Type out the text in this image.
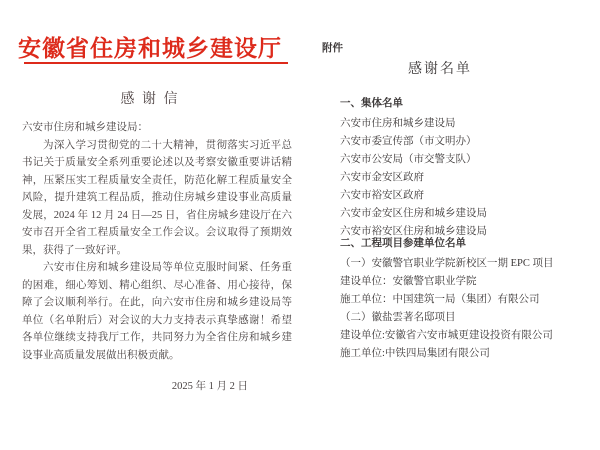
安徽省住房和城乡建设厅
感 谢 信

六安市住房和城乡建设局：

为深入学习贯彻党的二十大精神，贯彻落实习近平总书记关于质量安全系列重要论述以及考察安徽重要讲话精神，压紧压实工程质量安全责任，防范化解工程质量安全风险，提升建筑工程品质，推动住房城乡建设事业高质量发展，2024 年 12 月 24 日—25 日，省住房城乡建设厅在六安市召开全省工程质量安全工作会议。会议取得了预期效果，获得了一致好评。

六安市住房和城乡建设局等单位克服时间紧、任务重的困难，细心筹划、精心组织、尽心准备、用心接待，保障了会议顺利举行。在此，向六安市住房和城乡建设局等单位（名单附后）对会议的大力支持表示真挚感谢！希望各单位继续支持我厅工作，共同努力为全省住房和城乡建设事业高质量发展做出积极贡献。

2025 年 1 月 2 日
附件
感谢名单
一、集体名单
六安市住房和城乡建设局
六安市委宣传部（市文明办）
六安市公安局（市交警支队）
六安市金安区政府
六安市裕安区政府
六安市金安区住房和城乡建设局
六安市裕安区住房和城乡建设局
二、工程项目参建单位名单
（一）安徽警官职业学院新校区一期 EPC 项目
建设单位：安徽警官职业学院
施工单位：中国建筑一局（集团）有限公司
（二）徽盐雲著名邸项目
建设单位:安徽省六安市城更建设投资有限公司
施工单位:中铁四局集团有限公司
